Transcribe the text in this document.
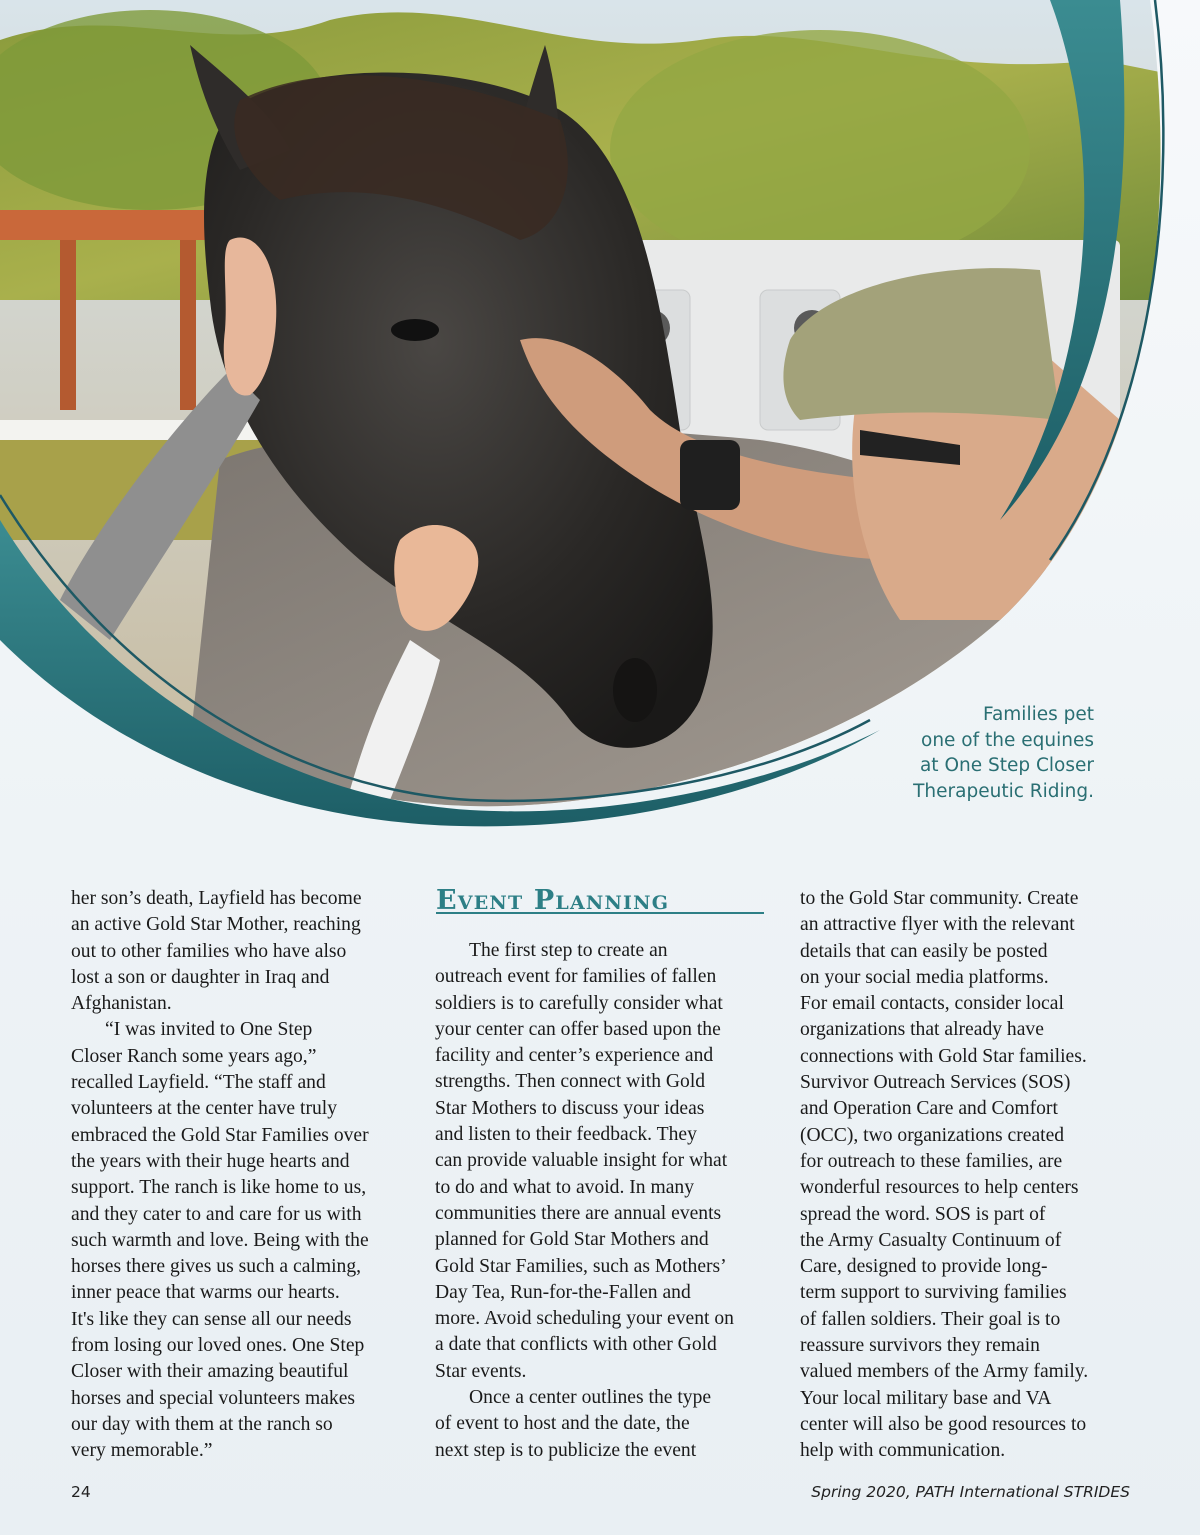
Families pet
one of the equines
at One Step Closer
Therapeutic Riding.

her son’s death, Layfield has become
an active Gold Star Mother, reaching
out to other families who have also
lost a son or daughter in Iraq and
Afghanistan.

“I was invited to One Step
Closer Ranch some years ago,”
recalled Layfield. “The staff and
volunteers at the center have truly
embraced the Gold Star Families over
the years with their huge hearts and
support. The ranch is like home to us,
and they cater to and care for us with
such warmth and love. Being with the
horses there gives us such a calming,
inner peace that warms our hearts.
It's like they can sense all our needs
from losing our loved ones. One Step
Closer with their amazing beautiful
horses and special volunteers makes
our day with them at the ranch so
very memorable.”

Event Planning

The first step to create an
outreach event for families of fallen
soldiers is to carefully consider what
your center can offer based upon the
facility and center’s experience and
strengths. Then connect with Gold
Star Mothers to discuss your ideas
and listen to their feedback. They
can provide valuable insight for what
to do and what to avoid. In many
communities there are annual events
planned for Gold Star Mothers and
Gold Star Families, such as Mothers’
Day Tea, Run-for-the-Fallen and
more. Avoid scheduling your event on
a date that conflicts with other Gold
Star events.

Once a center outlines the type
of event to host and the date, the
next step is to publicize the event

to the Gold Star community. Create
an attractive flyer with the relevant
details that can easily be posted
on your social media platforms.
For email contacts, consider local
organizations that already have
connections with Gold Star families.
Survivor Outreach Services (SOS)
and Operation Care and Comfort
(OCC), two organizations created
for outreach to these families, are
wonderful resources to help centers
spread the word. SOS is part of
the Army Casualty Continuum of
Care, designed to provide long-
term support to surviving families
of fallen soldiers. Their goal is to
reassure survivors they remain
valued members of the Army family.
Your local military base and VA
center will also be good resources to
help with communication.

24	Spring 2020, PATH International STRIDES
